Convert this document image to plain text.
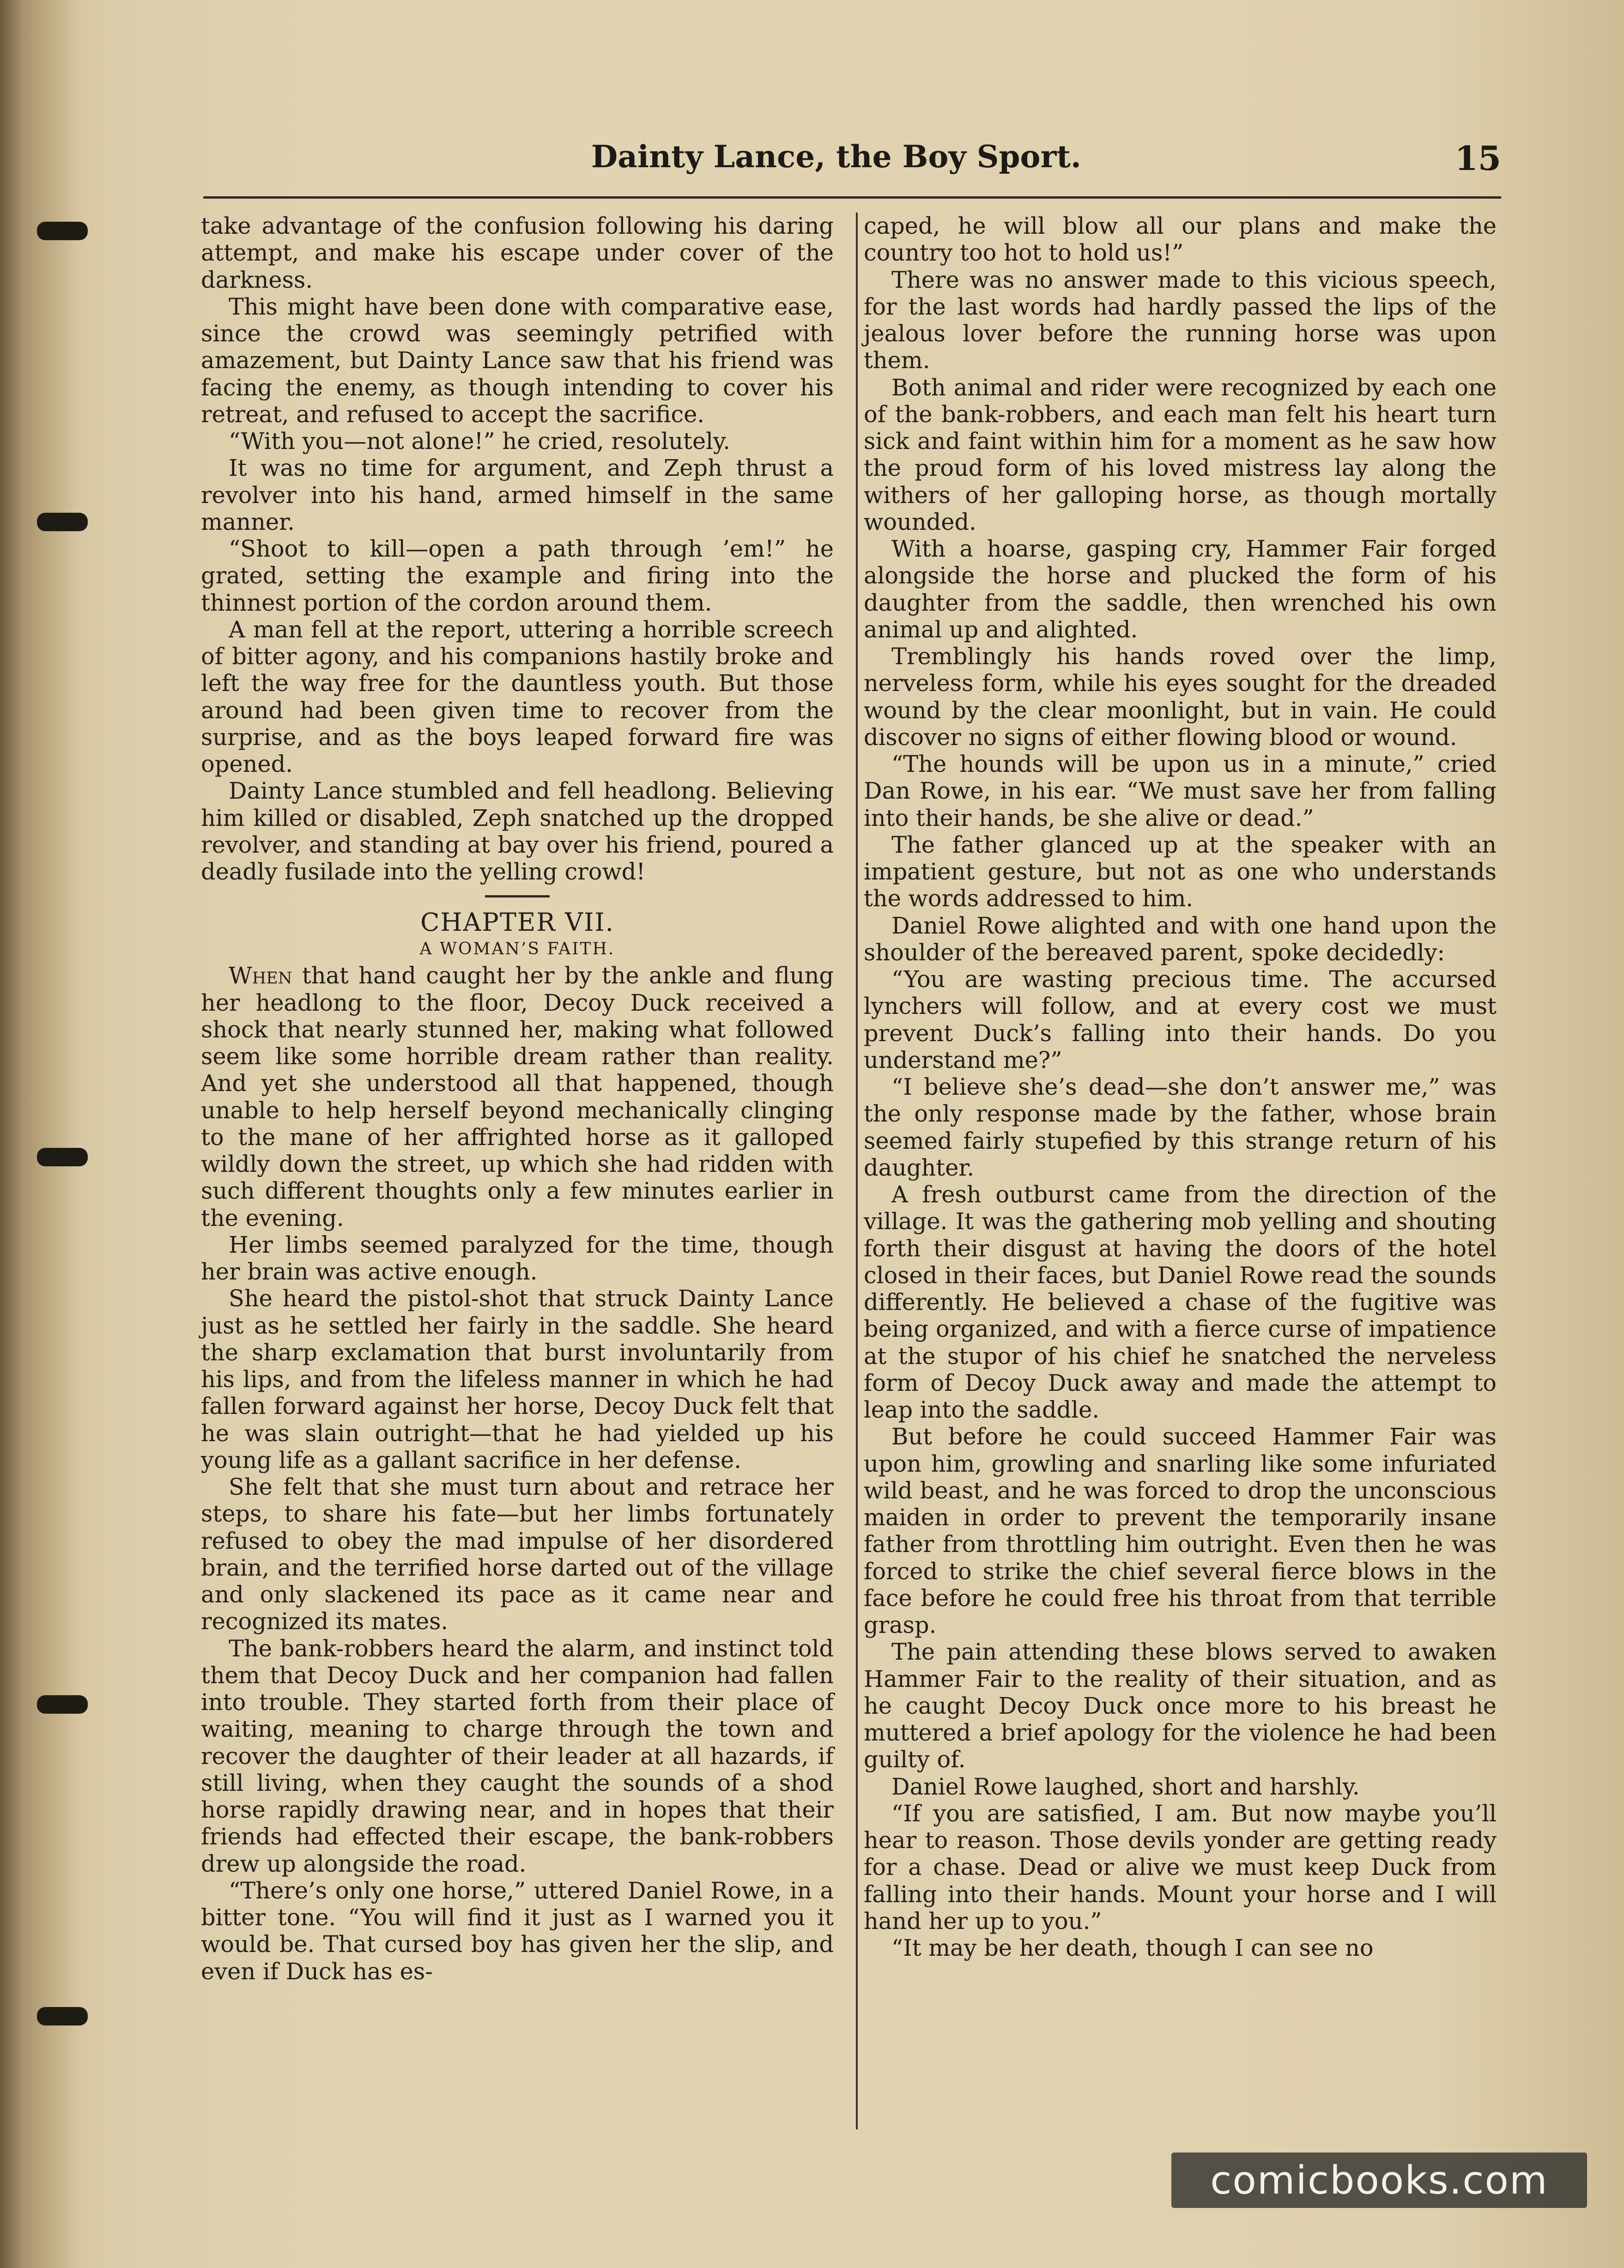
Dainty Lance, the Boy Sport.	15

take advantage of the confusion following his daring attempt, and make his escape under cover of the darkness.

This might have been done with comparative ease, since the crowd was seemingly petrified with amazement, but Dainty Lance saw that his friend was facing the enemy, as though intending to cover his retreat, and refused to accept the sacrifice.

“With you—not alone!” he cried, resolutely.

It was no time for argument, and Zeph thrust a revolver into his hand, armed himself in the same manner.

“Shoot to kill—open a path through ’em!” he grated, setting the example and firing into the thinnest portion of the cordon around them.

A man fell at the report, uttering a horrible screech of bitter agony, and his companions hastily broke and left the way free for the dauntless youth. But those around had been given time to recover from the surprise, and as the boys leaped forward fire was opened.

Dainty Lance stumbled and fell headlong. Believing him killed or disabled, Zeph snatched up the dropped revolver, and standing at bay over his friend, poured a deadly fusilade into the yelling crowd!

CHAPTER VII.
A WOMAN’S FAITH.

When that hand caught her by the ankle and flung her headlong to the floor, Decoy Duck received a shock that nearly stunned her, making what followed seem like some horrible dream rather than reality. And yet she understood all that happened, though unable to help herself beyond mechanically clinging to the mane of her affrighted horse as it galloped wildly down the street, up which she had ridden with such different thoughts only a few minutes earlier in the evening.

Her limbs seemed paralyzed for the time, though her brain was active enough.

She heard the pistol-shot that struck Dainty Lance just as he settled her fairly in the saddle. She heard the sharp exclamation that burst involuntarily from his lips, and from the lifeless manner in which he had fallen forward against her horse, Decoy Duck felt that he was slain outright—that he had yielded up his young life as a gallant sacrifice in her defense.

She felt that she must turn about and retrace her steps, to share his fate—but her limbs fortunately refused to obey the mad impulse of her disordered brain, and the terrified horse darted out of the village and only slackened its pace as it came near and recognized its mates.

The bank-robbers heard the alarm, and instinct told them that Decoy Duck and her companion had fallen into trouble. They started forth from their place of waiting, meaning to charge through the town and recover the daughter of their leader at all hazards, if still living, when they caught the sounds of a shod horse rapidly drawing near, and in hopes that their friends had effected their escape, the bank-robbers drew up alongside the road.

“There’s only one horse,” uttered Daniel Rowe, in a bitter tone. “You will find it just as I warned you it would be. That cursed boy has given her the slip, and even if Duck has es-

caped, he will blow all our plans and make the country too hot to hold us!”

There was no answer made to this vicious speech, for the last words had hardly passed the lips of the jealous lover before the running horse was upon them.

Both animal and rider were recognized by each one of the bank-robbers, and each man felt his heart turn sick and faint within him for a moment as he saw how the proud form of his loved mistress lay along the withers of her galloping horse, as though mortally wounded.

With a hoarse, gasping cry, Hammer Fair forged alongside the horse and plucked the form of his daughter from the saddle, then wrenched his own animal up and alighted.

Tremblingly his hands roved over the limp, nerveless form, while his eyes sought for the dreaded wound by the clear moonlight, but in vain. He could discover no signs of either flowing blood or wound.

“The hounds will be upon us in a minute,” cried Dan Rowe, in his ear. “We must save her from falling into their hands, be she alive or dead.”

The father glanced up at the speaker with an impatient gesture, but not as one who understands the words addressed to him.

Daniel Rowe alighted and with one hand upon the shoulder of the bereaved parent, spoke decidedly:

“You are wasting precious time. The accursed lynchers will follow, and at every cost we must prevent Duck’s falling into their hands. Do you understand me?”

“I believe she’s dead—she don’t answer me,” was the only response made by the father, whose brain seemed fairly stupefied by this strange return of his daughter.

A fresh outburst came from the direction of the village. It was the gathering mob yelling and shouting forth their disgust at having the doors of the hotel closed in their faces, but Daniel Rowe read the sounds differently. He believed a chase of the fugitive was being organized, and with a fierce curse of impatience at the stupor of his chief he snatched the nerveless form of Decoy Duck away and made the attempt to leap into the saddle.

But before he could succeed Hammer Fair was upon him, growling and snarling like some infuriated wild beast, and he was forced to drop the unconscious maiden in order to prevent the temporarily insane father from throttling him outright. Even then he was forced to strike the chief several fierce blows in the face before he could free his throat from that terrible grasp.

The pain attending these blows served to awaken Hammer Fair to the reality of their situation, and as he caught Decoy Duck once more to his breast he muttered a brief apology for the violence he had been guilty of.

Daniel Rowe laughed, short and harshly.

“If you are satisfied, I am. But now maybe you’ll hear to reason. Those devils yonder are getting ready for a chase. Dead or alive we must keep Duck from falling into their hands. Mount your horse and I will hand her up to you.”

“It may be her death, though I can see no

comicbooks.com
